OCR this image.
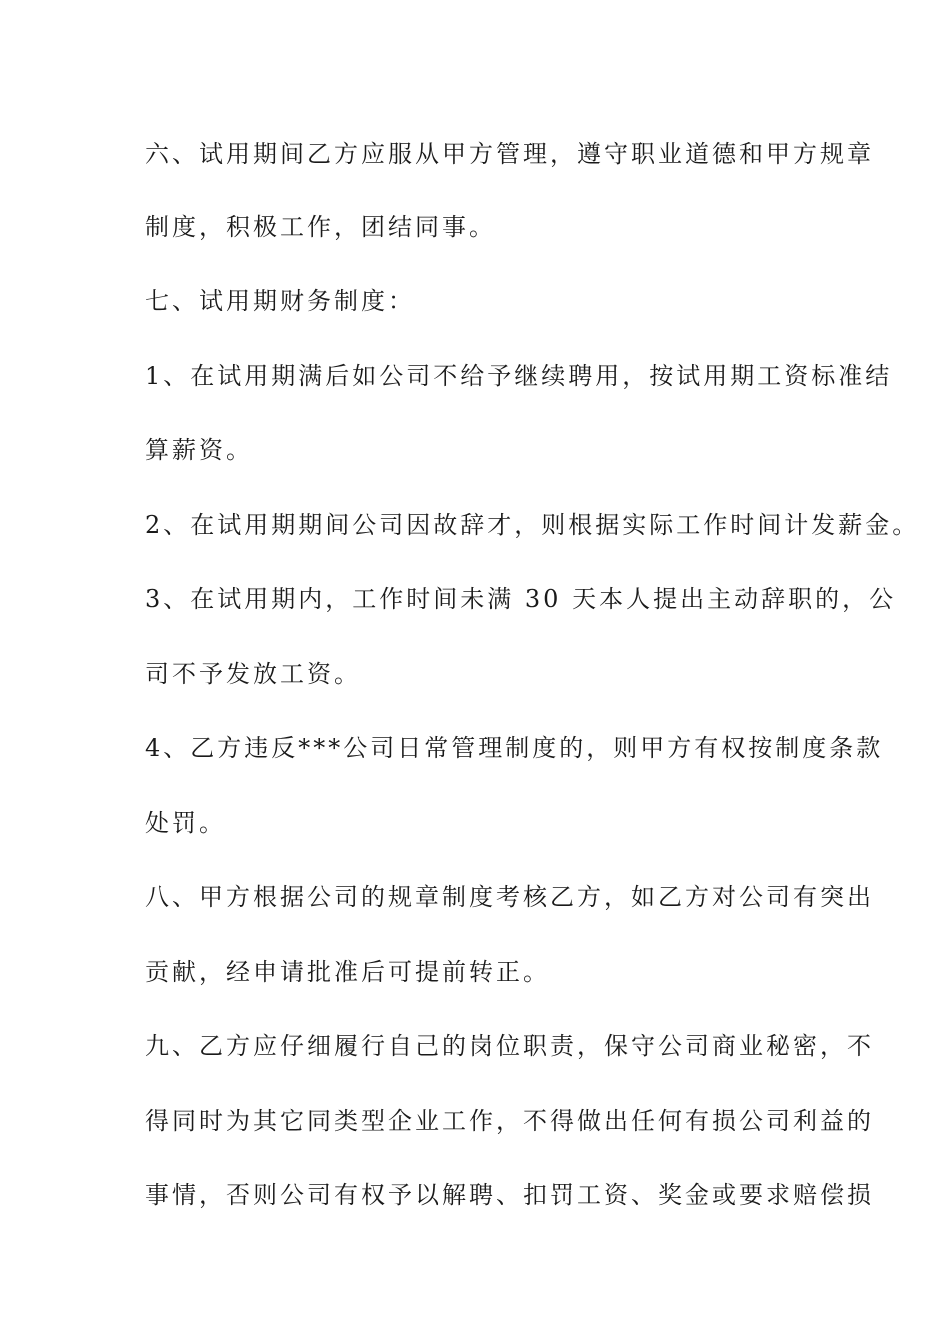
六、试用期间乙方应服从甲方管理，遵守职业道德和甲方规章
制度，积极工作，团结同事。
七、试用期财务制度：
1、在试用期满后如公司不给予继续聘用，按试用期工资标准结
算薪资。
2、在试用期期间公司因故辞才，则根据实际工作时间计发薪金。
3、在试用期内，工作时间未满 30 天本人提出主动辞职的，公
司不予发放工资。
4、乙方违反***公司日常管理制度的，则甲方有权按制度条款
处罚。
八、甲方根据公司的规章制度考核乙方，如乙方对公司有突出
贡献，经申请批准后可提前转正。
九、乙方应仔细履行自己的岗位职责，保守公司商业秘密，不
得同时为其它同类型企业工作，不得做出任何有损公司利益的
事情，否则公司有权予以解聘、扣罚工资、奖金或要求赔偿损
